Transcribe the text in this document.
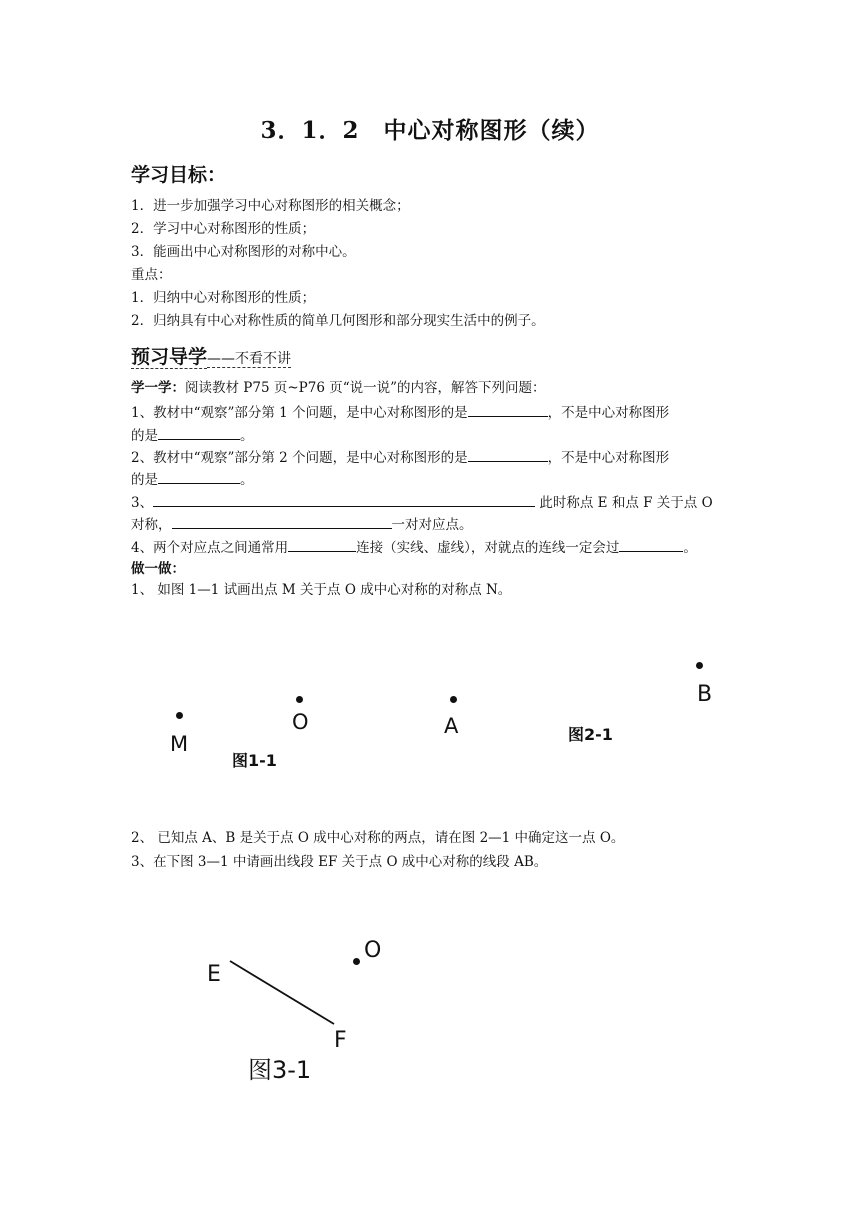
3．1．2　中心对称图形（续）
学习目标：
1．进一步加强学习中心对称图形的相关概念；
2．学习中心对称图形的性质；
3．能画出中心对称图形的对称中心。
重点：
1．归纳中心对称图形的性质；
2．归纳具有中心对称性质的简单几何图形和部分现实生活中的例子。
预习导学——不看不讲
学一学：阅读教材 P75 页~P76 页“说一说”的内容，解答下列问题：
1、教材中“观察”部分第 1 个问题，是中心对称图形的是	，不是中心对称图形
的是	。
2、教材中“观察”部分第 2 个问题，是中心对称图形的是	，不是中心对称图形
的是	。
3、	此时称点 E 和点 F 关于点 O
对称，	一对对应点。
4、两个对应点之间通常用	连接（实线、虚线），对就点的连线一定会过	。
做一做：
1、 如图 1—1 试画出点 M 关于点 O 成中心对称的对称点 N。
M
O
图1-1
A
B
图2-1
2、 已知点 A、B 是关于点 O 成中心对称的两点，请在图 2—1 中确定这一点 O。
3、在下图 3—1 中请画出线段 EF 关于点 O 成中心对称的线段 AB。
E
F
O
图3-1
